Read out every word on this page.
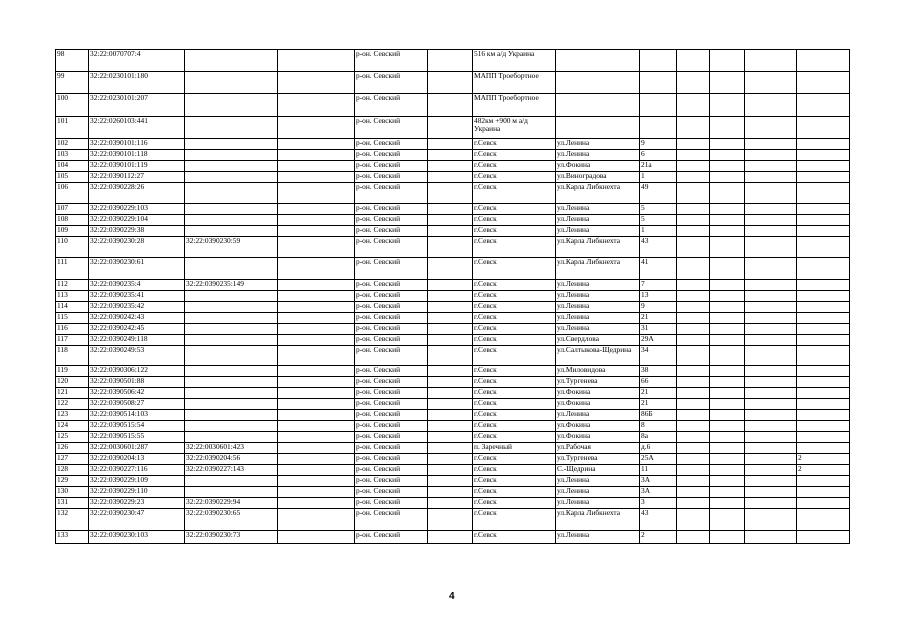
98	32:22:0070707:4			р-он. Севский		516 км а/д Украина						
99	32:22:0230101:180			р-он. Севский		МАПП Троебортное						
100	32:22:0230101:207			р-он. Севский		МАПП Троебортное						
101	32:22:0260103:441			р-он. Севский		482км +900 м а/д Украина						
102	32:22:0390101:116			р-он. Севский		г.Севск	ул.Ленина	9				
103	32:22:0390101:118			р-он. Севский		г.Севск	ул.Ленина	6				
104	32:22:0390101:119			р-он. Севский		г.Севск	ул.Фокина	21а				
105	32:22:0390112:27			р-он. Севский		г.Севск	ул.Виноградова	1				
106	32:22:0390228:26			р-он. Севский		г.Севск	ул.Карла Либкнехта	49				
107	32:22:0390229:103			р-он. Севский		г.Севск	ул.Ленина	5				
108	32:22:0390229:104			р-он. Севский		г.Севск	ул.Ленина	5				
109	32:22:0390229:38			р-он. Севский		г.Севск	ул.Ленина	1				
110	32:22:0390230:28	32:22:0390230:59		р-он. Севский		г.Севск	ул.Карла Либкнехта	43				
111	32:22:0390230:61			р-он. Севский		г.Севск	ул.Карла Либкнехта	41				
112	32:22:0390235:4	32:22:0390235:149		р-он. Севский		г.Севск	ул.Ленина	7				
113	32:22:0390235:41			р-он. Севский		г.Севск	ул.Ленина	13				
114	32:22:0390235:42			р-он. Севский		г.Севск	ул.Ленина	9				
115	32:22:0390242:43			р-он. Севский		г.Севск	ул.Ленина	21				
116	32:22:0390242:45			р-он. Севский		г.Севск	ул.Ленина	31				
117	32:22:0390249:118			р-он. Севский		г.Севск	ул.Свердлова	29А				
118	32:22:0390249:53			р-он. Севский		г.Севск	ул.Салтыкова-Щедрина	34				
119	32:22:0390306:122			р-он. Севский		г.Севск	ул.Миловидова	38				
120	32:22:0390501:88			р-он. Севский		г.Севск	ул.Тургенева	66				
121	32:22:0390506:42			р-он. Севский		г.Севск	ул.Фокина	21				
122	32:22:0390508:27			р-он. Севский		г.Севск	ул.Фокина	21				
123	32:22:0390514:103			р-он. Севский		г.Севск	ул.Ленина	86Б				
124	32:22:0390515:54			р-он. Севский		г.Севск	ул.Фокина	8				
125	32:22:0390515:55			р-он. Севский		г.Севск	ул.Фокина	8а				
126	32:22:0030601:287	32:22:0030601:423		р-он. Севский		п. Заречный	ул.Рабочая	д.6				
127	32:22:0390204:13	32:22:0390204:56		р-он. Севский		г.Севск	ул.Тургенева	25А				2
128	32:22:0390227:116	32:22:0390227:143		р-он. Севский		г.Севск	С.-Щедрина	11				2
129	32:22:0390229:109			р-он. Севский		г.Севск	ул.Ленина	3А				
130	32:22:0390229:110			р-он. Севский		г.Севск	ул.Ленина	3А				
131	32:22:0390229:23	32:22:0390229:94		р-он. Севский		г.Севск	ул.Ленина	3				
132	32:22:0390230:47	32:22:0390230:65		р-он. Севский		г.Севск	ул.Карла Либкнехта	43				
133	32:22:0390230:103	32:22:0390230:73		р-он. Севский		г.Севск	ул.Ленина	2				
4
